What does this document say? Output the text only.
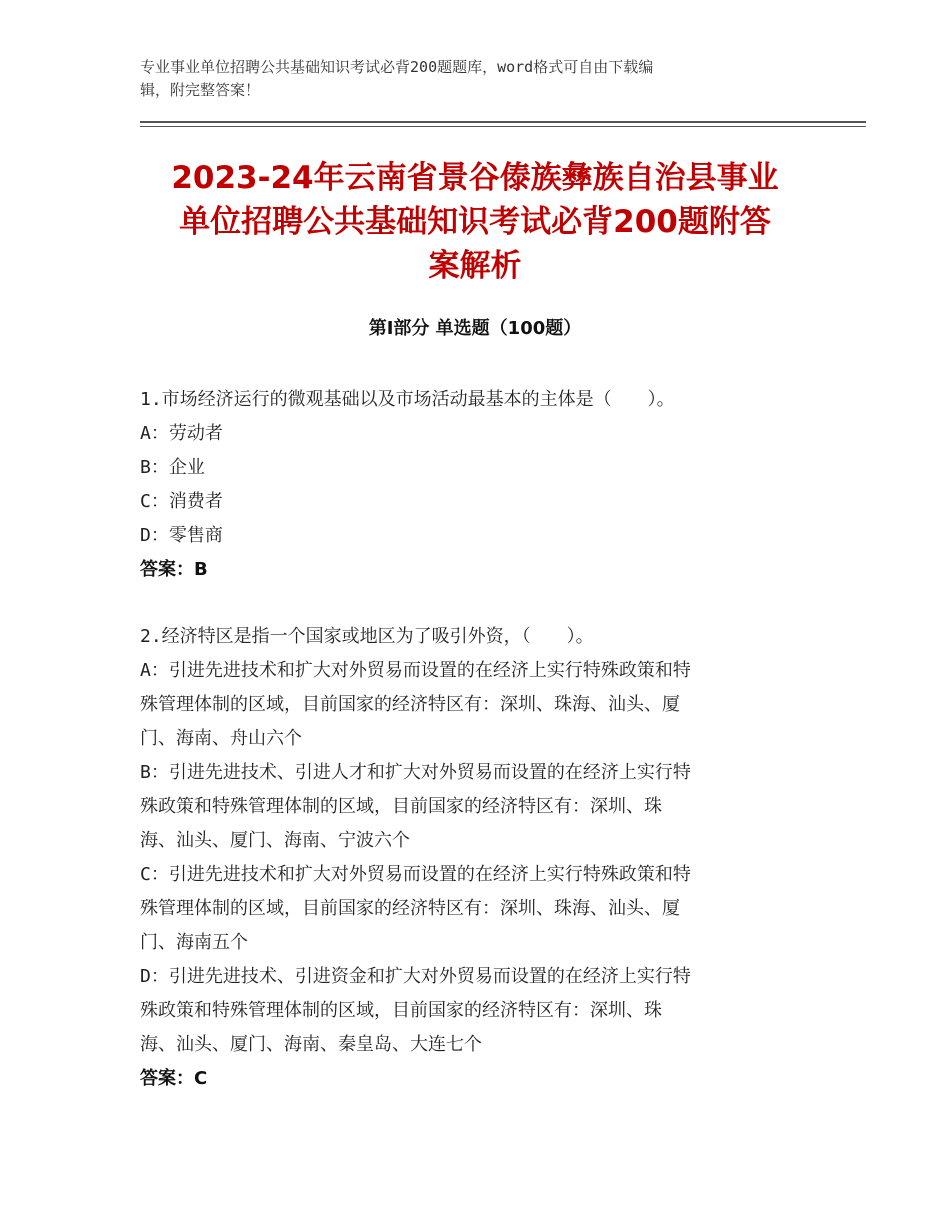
专业事业单位招聘公共基础知识考试必背200题题库，word格式可自由下载编
辑，附完整答案！
2023-24年云南省景谷傣族彝族自治县事业
单位招聘公共基础知识考试必背200题附答
案解析
第Ⅰ部分 单选题（100题）
1.市场经济运行的微观基础以及市场活动最基本的主体是（　　）。
A：劳动者
B：企业
C：消费者
D：零售商
答案：B
2.经济特区是指一个国家或地区为了吸引外资，（　　）。
A：引进先进技术和扩大对外贸易而设置的在经济上实行特殊政策和特
殊管理体制的区域，目前国家的经济特区有：深圳、珠海、汕头、厦
门、海南、舟山六个
B：引进先进技术、引进人才和扩大对外贸易而设置的在经济上实行特
殊政策和特殊管理体制的区域，目前国家的经济特区有：深圳、珠
海、汕头、厦门、海南、宁波六个
C：引进先进技术和扩大对外贸易而设置的在经济上实行特殊政策和特
殊管理体制的区域，目前国家的经济特区有：深圳、珠海、汕头、厦
门、海南五个
D：引进先进技术、引进资金和扩大对外贸易而设置的在经济上实行特
殊政策和特殊管理体制的区域，目前国家的经济特区有：深圳、珠
海、汕头、厦门、海南、秦皇岛、大连七个
答案：C
